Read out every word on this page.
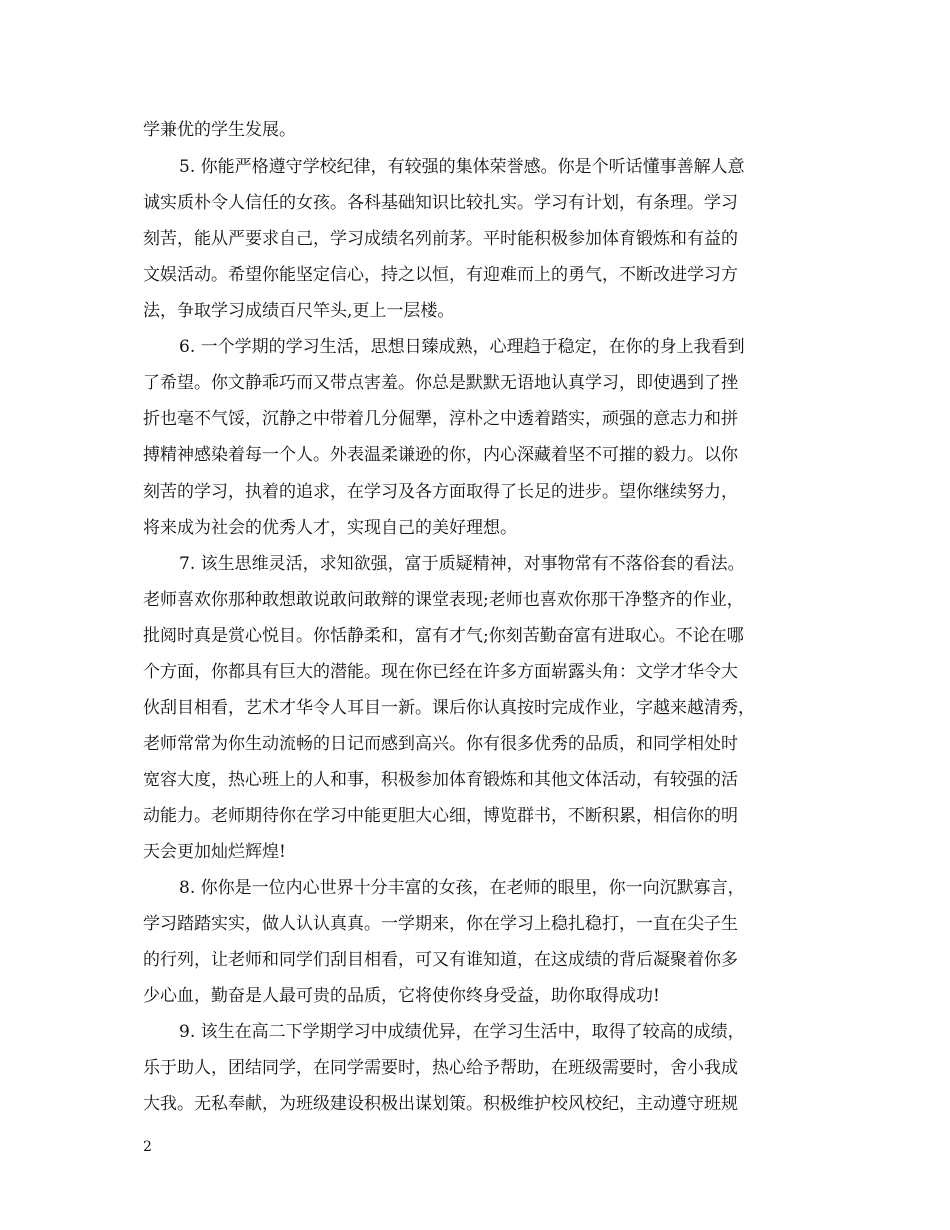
学兼优的学生发展。
5. 你能严格遵守学校纪律，有较强的集体荣誉感。你是个听话懂事善解人意
诚实质朴令人信任的女孩。各科基础知识比较扎实。学习有计划，有条理。学习
刻苦，能从严要求自己，学习成绩名列前茅。平时能积极参加体育锻炼和有益的
文娱活动。希望你能坚定信心，持之以恒，有迎难而上的勇气，不断改进学习方
法，争取学习成绩百尺竿头,更上一层楼。
6. 一个学期的学习生活，思想日臻成熟，心理趋于稳定，在你的身上我看到
了希望。你文静乖巧而又带点害羞。你总是默默无语地认真学习，即使遇到了挫
折也毫不气馁，沉静之中带着几分倔犟，淳朴之中透着踏实，顽强的意志力和拼
搏精神感染着每一个人。外表温柔谦逊的你，内心深藏着坚不可摧的毅力。以你
刻苦的学习，执着的追求，在学习及各方面取得了长足的进步。望你继续努力，
将来成为社会的优秀人才，实现自己的美好理想。
7. 该生思维灵活，求知欲强，富于质疑精神，对事物常有不落俗套的看法。
老师喜欢你那种敢想敢说敢问敢辩的课堂表现;老师也喜欢你那干净整齐的作业，
批阅时真是赏心悦目。你恬静柔和，富有才气;你刻苦勤奋富有进取心。不论在哪
个方面，你都具有巨大的潜能。现在你已经在许多方面崭露头角：文学才华令大
伙刮目相看，艺术才华令人耳目一新。课后你认真按时完成作业，字越来越清秀，
老师常常为你生动流畅的日记而感到高兴。你有很多优秀的品质，和同学相处时
宽容大度，热心班上的人和事，积极参加体育锻炼和其他文体活动，有较强的活
动能力。老师期待你在学习中能更胆大心细，博览群书，不断积累，相信你的明
天会更加灿烂辉煌!
8. 你你是一位内心世界十分丰富的女孩，在老师的眼里，你一向沉默寡言，
学习踏踏实实，做人认认真真。一学期来，你在学习上稳扎稳打，一直在尖子生
的行列，让老师和同学们刮目相看，可又有谁知道，在这成绩的背后凝聚着你多
少心血，勤奋是人最可贵的品质，它将使你终身受益，助你取得成功!
9. 该生在高二下学期学习中成绩优异，在学习生活中，取得了较高的成绩，
乐于助人，团结同学，在同学需要时，热心给予帮助，在班级需要时，舍小我成
大我。无私奉献，为班级建设积极出谋划策。积极维护校风校纪，主动遵守班规
2
